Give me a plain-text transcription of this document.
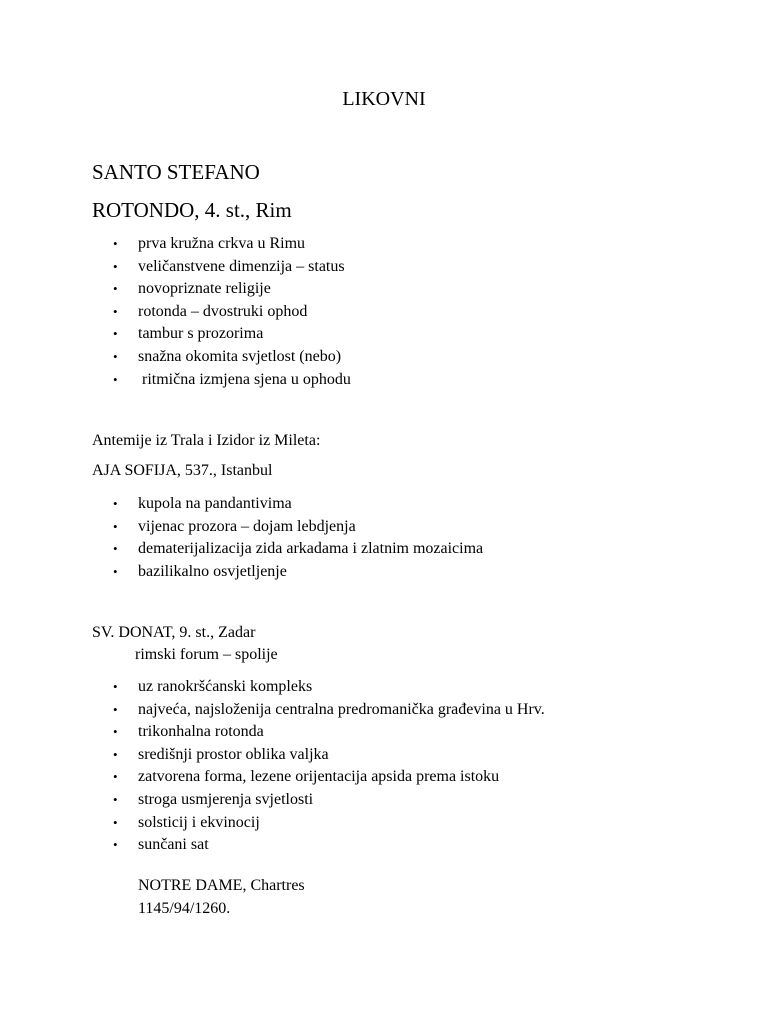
LIKOVNI
SANTO STEFANO
ROTONDO, 4. st., Rim
• prva kružna crkva u Rimu
• veličanstvene dimenzija – status
• novopriznate religije
• rotonda – dvostruki ophod
• tambur s prozorima
• snažna okomita svjetlost (nebo)
• ritmična izmjena sjena u ophodu
Antemije iz Trala i Izidor iz Mileta:
AJA SOFIJA, 537., Istanbul
• kupola na pandantivima
• vijenac prozora – dojam lebdjenja
• dematerijalizacija zida arkadama i zlatnim mozaicima
• bazilikalno osvjetljenje
SV. DONAT, 9. st., Zadar
rimski forum – spolije
• uz ranokršćanski kompleks
• najveća, najsloženija centralna predromanička građevina u Hrv.
• trikonhalna rotonda
• središnji prostor oblika valjka
• zatvorena forma, lezene orijentacija apsida prema istoku
• stroga usmjerenja svjetlosti
• solsticij i ekvinocij
• sunčani sat
NOTRE DAME, Chartres
1145/94/1260.
